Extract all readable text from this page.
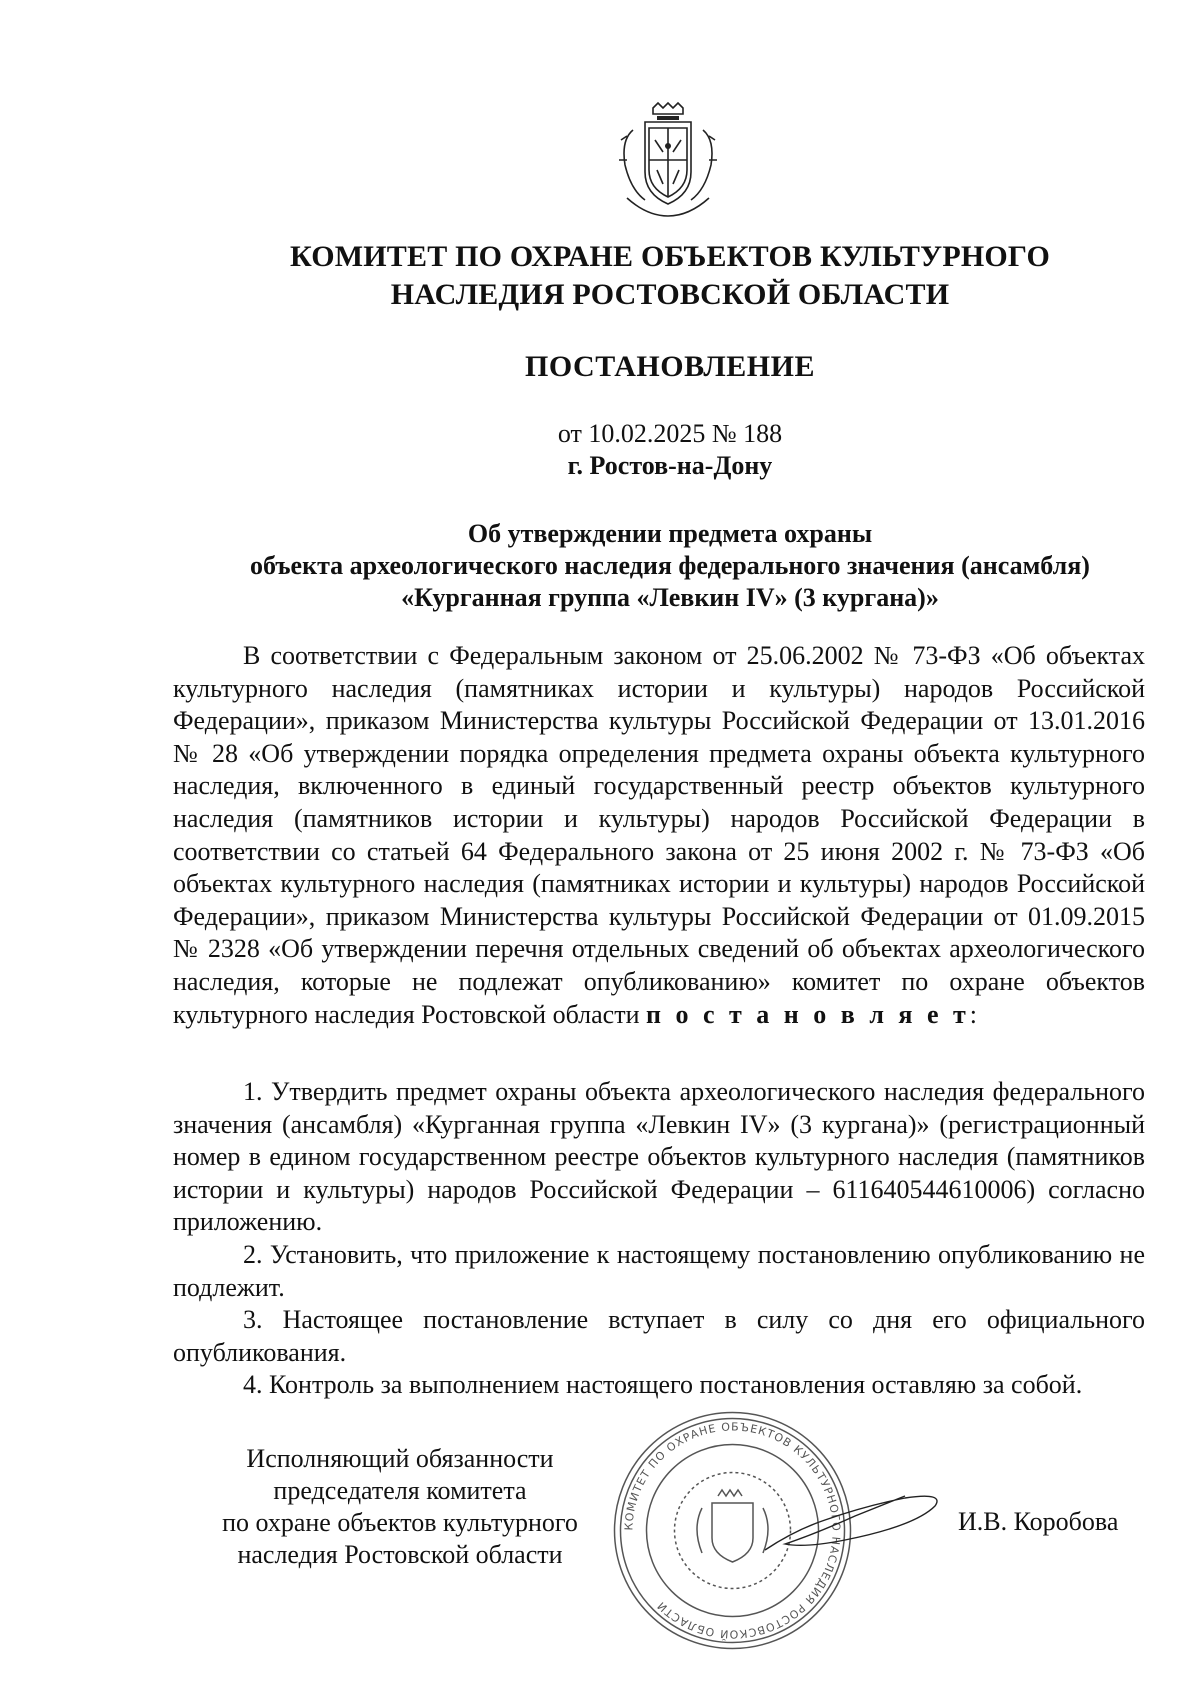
КОМИТЕТ ПО ОХРАНЕ ОБЪЕКТОВ КУЛЬТУРНОГО
НАСЛЕДИЯ РОСТОВСКОЙ ОБЛАСТИ
ПОСТАНОВЛЕНИЕ
от 10.02.2025 № 188
г. Ростов-на-Дону
Об утверждении предмета охраны
объекта археологического наследия федерального значения (ансамбля)
«Курганная группа «Левкин IV» (3 кургана)»

В соответствии с Федеральным законом от 25.06.2002 № 73-ФЗ «Об объектах культурного наследия (памятниках истории и культуры) народов Российской Федерации», приказом Министерства культуры Российской Федерации от 13.01.2016 № 28 «Об утверждении порядка определения предмета охраны объекта культурного наследия, включенного в единый государственный реестр объектов культурного наследия (памятников истории и культуры) народов Российской Федерации в соответствии со статьей 64 Федерального закона от 25 июня 2002 г. № 73-ФЗ «Об объектах культурного наследия (памятниках истории и культуры) народов Российской Федерации», приказом Министерства культуры Российской Федерации от 01.09.2015 № 2328 «Об утверждении перечня отдельных сведений об объектах археологического наследия, которые не подлежат опубликованию» комитет по охране объектов культурного наследия Ростовской области п о с т а н о в л я е т:

1. Утвердить предмет охраны объекта археологического наследия федерального значения (ансамбля) «Курганная группа «Левкин IV» (3 кургана)» (регистрационный номер в едином государственном реестре объектов культурного наследия (памятников истории и культуры) народов Российской Федерации – 611640544610006) согласно приложению.

2. Установить, что приложение к настоящему постановлению опубликованию не подлежит.

3. Настоящее постановление вступает в силу со дня его официального опубликования.

4. Контроль за выполнением настоящего постановления оставляю за собой.

Исполняющий обязанности
председателя комитета
по охране объектов культурного
наследия Ростовской области
КОМИТЕТ ПО ОХРАНЕ ОБЪЕКТОВ КУЛЬТУРНОГО НАСЛЕДИЯ РОСТОВСКОЙ ОБЛАСТИ
И.В. Коробова
